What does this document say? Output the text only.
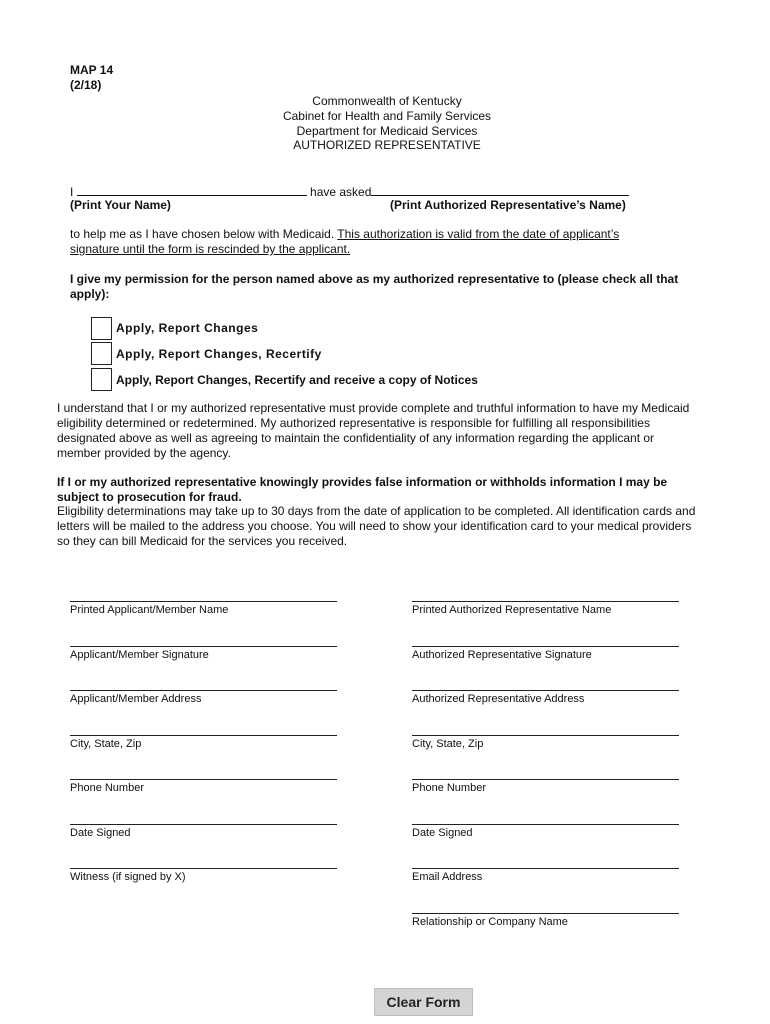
MAP 14
(2/18)
Commonwealth of Kentucky
Cabinet for Health and Family Services
Department for Medicaid Services
AUTHORIZED REPRESENTATIVE
I	have asked
(Print Your Name)	(Print Authorized Representative’s Name)
to help me as I have chosen below with Medicaid. This authorization is valid from the date of applicant’s
signature until the form is rescinded by the applicant.
I give my permission for the person named above as my authorized representative to (please check all that apply):
Apply, Report Changes
Apply, Report Changes, Recertify
Apply, Report Changes, Recertify and receive a copy of Notices
I understand that I or my authorized representative must provide complete and truthful information to have my Medicaid eligibility determined or redetermined. My authorized representative is responsible for fulfilling all responsibilities designated above as well as agreeing to maintain the confidentiality of any information regarding the applicant or member provided by the agency.
If I or my authorized representative knowingly provides false information or withholds information I may be subject to prosecution for fraud.
Eligibility determinations may take up to 30 days from the date of application to be completed. All identification cards and letters will be mailed to the address you choose. You will need to show your identification card to your medical providers so they can bill Medicaid for the services you received.
Printed Applicant/Member Name
Applicant/Member Signature
Applicant/Member Address
City, State, Zip
Phone Number
Date Signed
Witness (if signed by X)
Printed Authorized Representative Name
Authorized Representative Signature
Authorized Representative Address
City, State, Zip
Phone Number
Date Signed
Email Address
Relationship or Company Name
Clear Form
